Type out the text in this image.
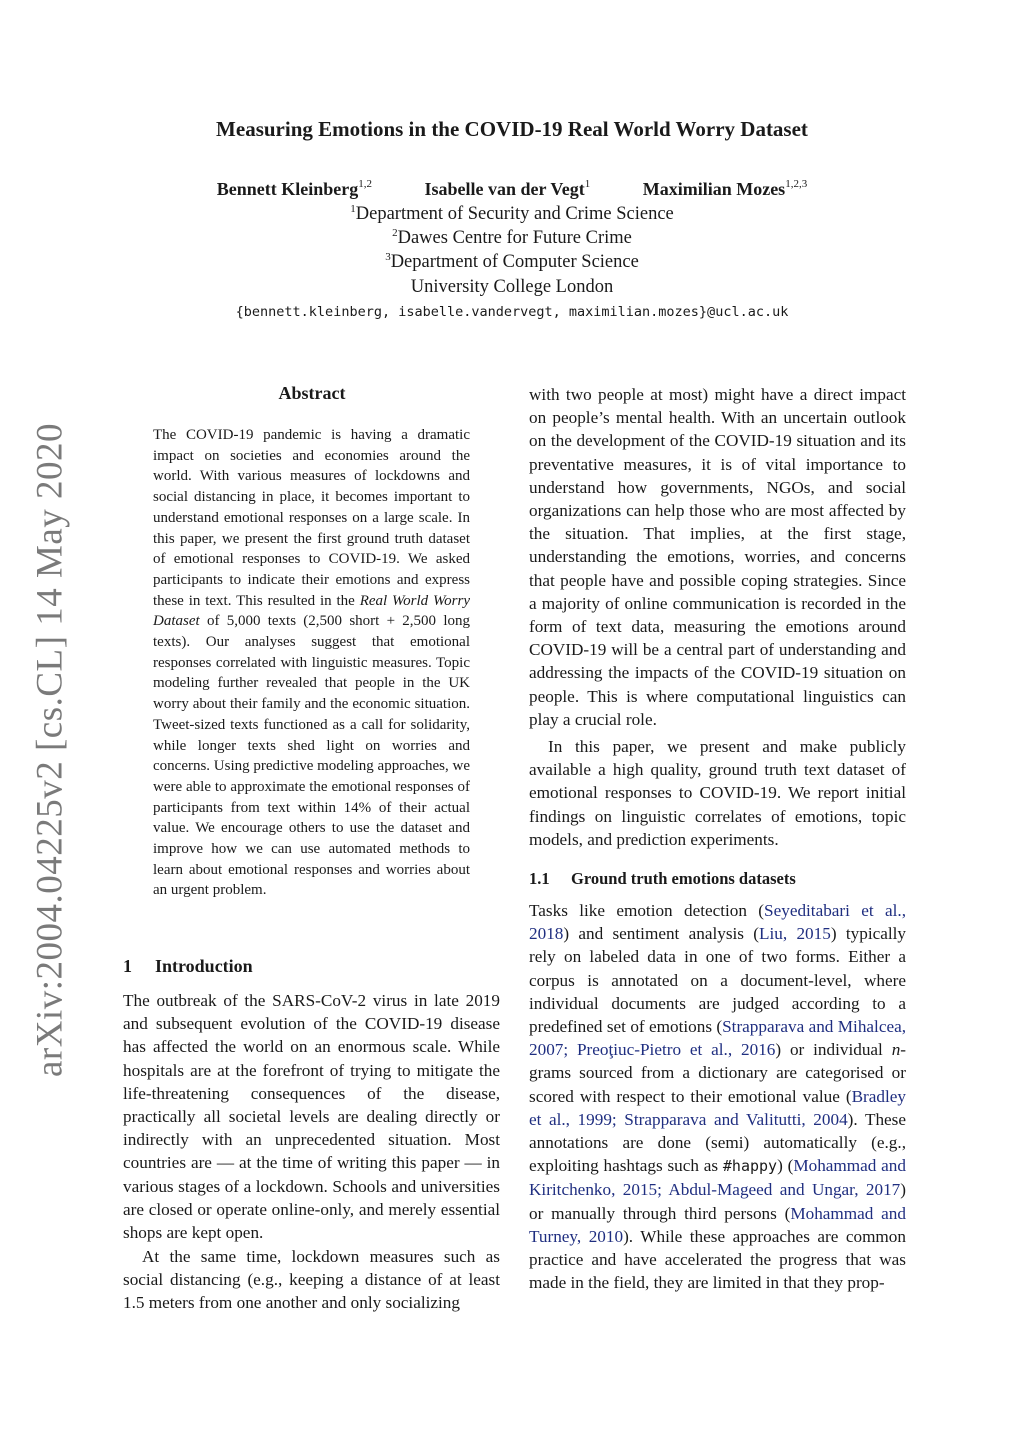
arXiv:2004.04225v2 [cs.CL] 14 May 2020
Measuring Emotions in the COVID-19 Real World Worry Dataset
Bennett Kleinberg$^{1,2}$	Isabelle van der Vegt$^1$	Maximilian Mozes$^{1,2,3}$
$^1$Department of Security and Crime Science
$^2$Dawes Centre for Future Crime
$^3$Department of Computer Science
University College London
{bennett.kleinberg, isabelle.vandervegt, maximilian.mozes}@ucl.ac.uk
Abstract
The COVID-19 pandemic is having a dramatic impact on societies and economies around the world. With various measures of lockdowns and social distancing in place, it becomes important to understand emotional responses on a large scale. In this paper, we present the first ground truth dataset of emotional responses to COVID-19. We asked participants to indicate their emotions and express these in text. This resulted in the Real World Worry Dataset of 5,000 texts (2,500 short + 2,500 long texts). Our analyses suggest that emotional responses correlated with linguistic measures. Topic modeling further revealed that people in the UK worry about their family and the economic situation. Tweet-sized texts functioned as a call for solidarity, while longer texts shed light on worries and concerns. Using predictive modeling approaches, we were able to approximate the emotional responses of participants from text within 14% of their actual value. We encourage others to use the dataset and improve how we can use automated methods to learn about emotional responses and worries about an urgent problem.
1 Introduction
The outbreak of the SARS-CoV-2 virus in late 2019 and subsequent evolution of the COVID-19 disease has affected the world on an enormous scale. While hospitals are at the forefront of trying to mitigate the life-threatening consequences of the disease, practically all societal levels are dealing directly or indirectly with an unprecedented situation. Most countries are — at the time of writing this paper — in various stages of a lockdown. Schools and universities are closed or operate online-only, and merely essential shops are kept open.
At the same time, lockdown measures such as social distancing (e.g., keeping a distance of at least 1.5 meters from one another and only socializing
with two people at most) might have a direct impact on people’s mental health. With an uncertain outlook on the development of the COVID-19 situation and its preventative measures, it is of vital importance to understand how governments, NGOs, and social organizations can help those who are most affected by the situation. That implies, at the first stage, understanding the emotions, worries, and concerns that people have and possible coping strategies. Since a majority of online communication is recorded in the form of text data, measuring the emotions around COVID-19 will be a central part of understanding and addressing the impacts of the COVID-19 situation on people. This is where computational linguistics can play a crucial role.
In this paper, we present and make publicly available a high quality, ground truth text dataset of emotional responses to COVID-19. We report initial findings on linguistic correlates of emotions, topic models, and prediction experiments.
1.1 Ground truth emotions datasets
Tasks like emotion detection (Seyeditabari et al., 2018) and sentiment analysis (Liu, 2015) typically rely on labeled data in one of two forms. Either a corpus is annotated on a document-level, where individual documents are judged according to a predefined set of emotions (Strapparava and Mihalcea, 2007; Preoţiuc-Pietro et al., 2016) or individual n-grams sourced from a dictionary are categorised or scored with respect to their emotional value (Bradley et al., 1999; Strapparava and Valitutti, 2004). These annotations are done (semi) automatically (e.g., exploiting hashtags such as #happy) (Mohammad and Kiritchenko, 2015; Abdul-Mageed and Ungar, 2017) or manually through third persons (Mohammad and Turney, 2010). While these approaches are common practice and have accelerated the progress that was made in the field, they are limited in that they prop-
